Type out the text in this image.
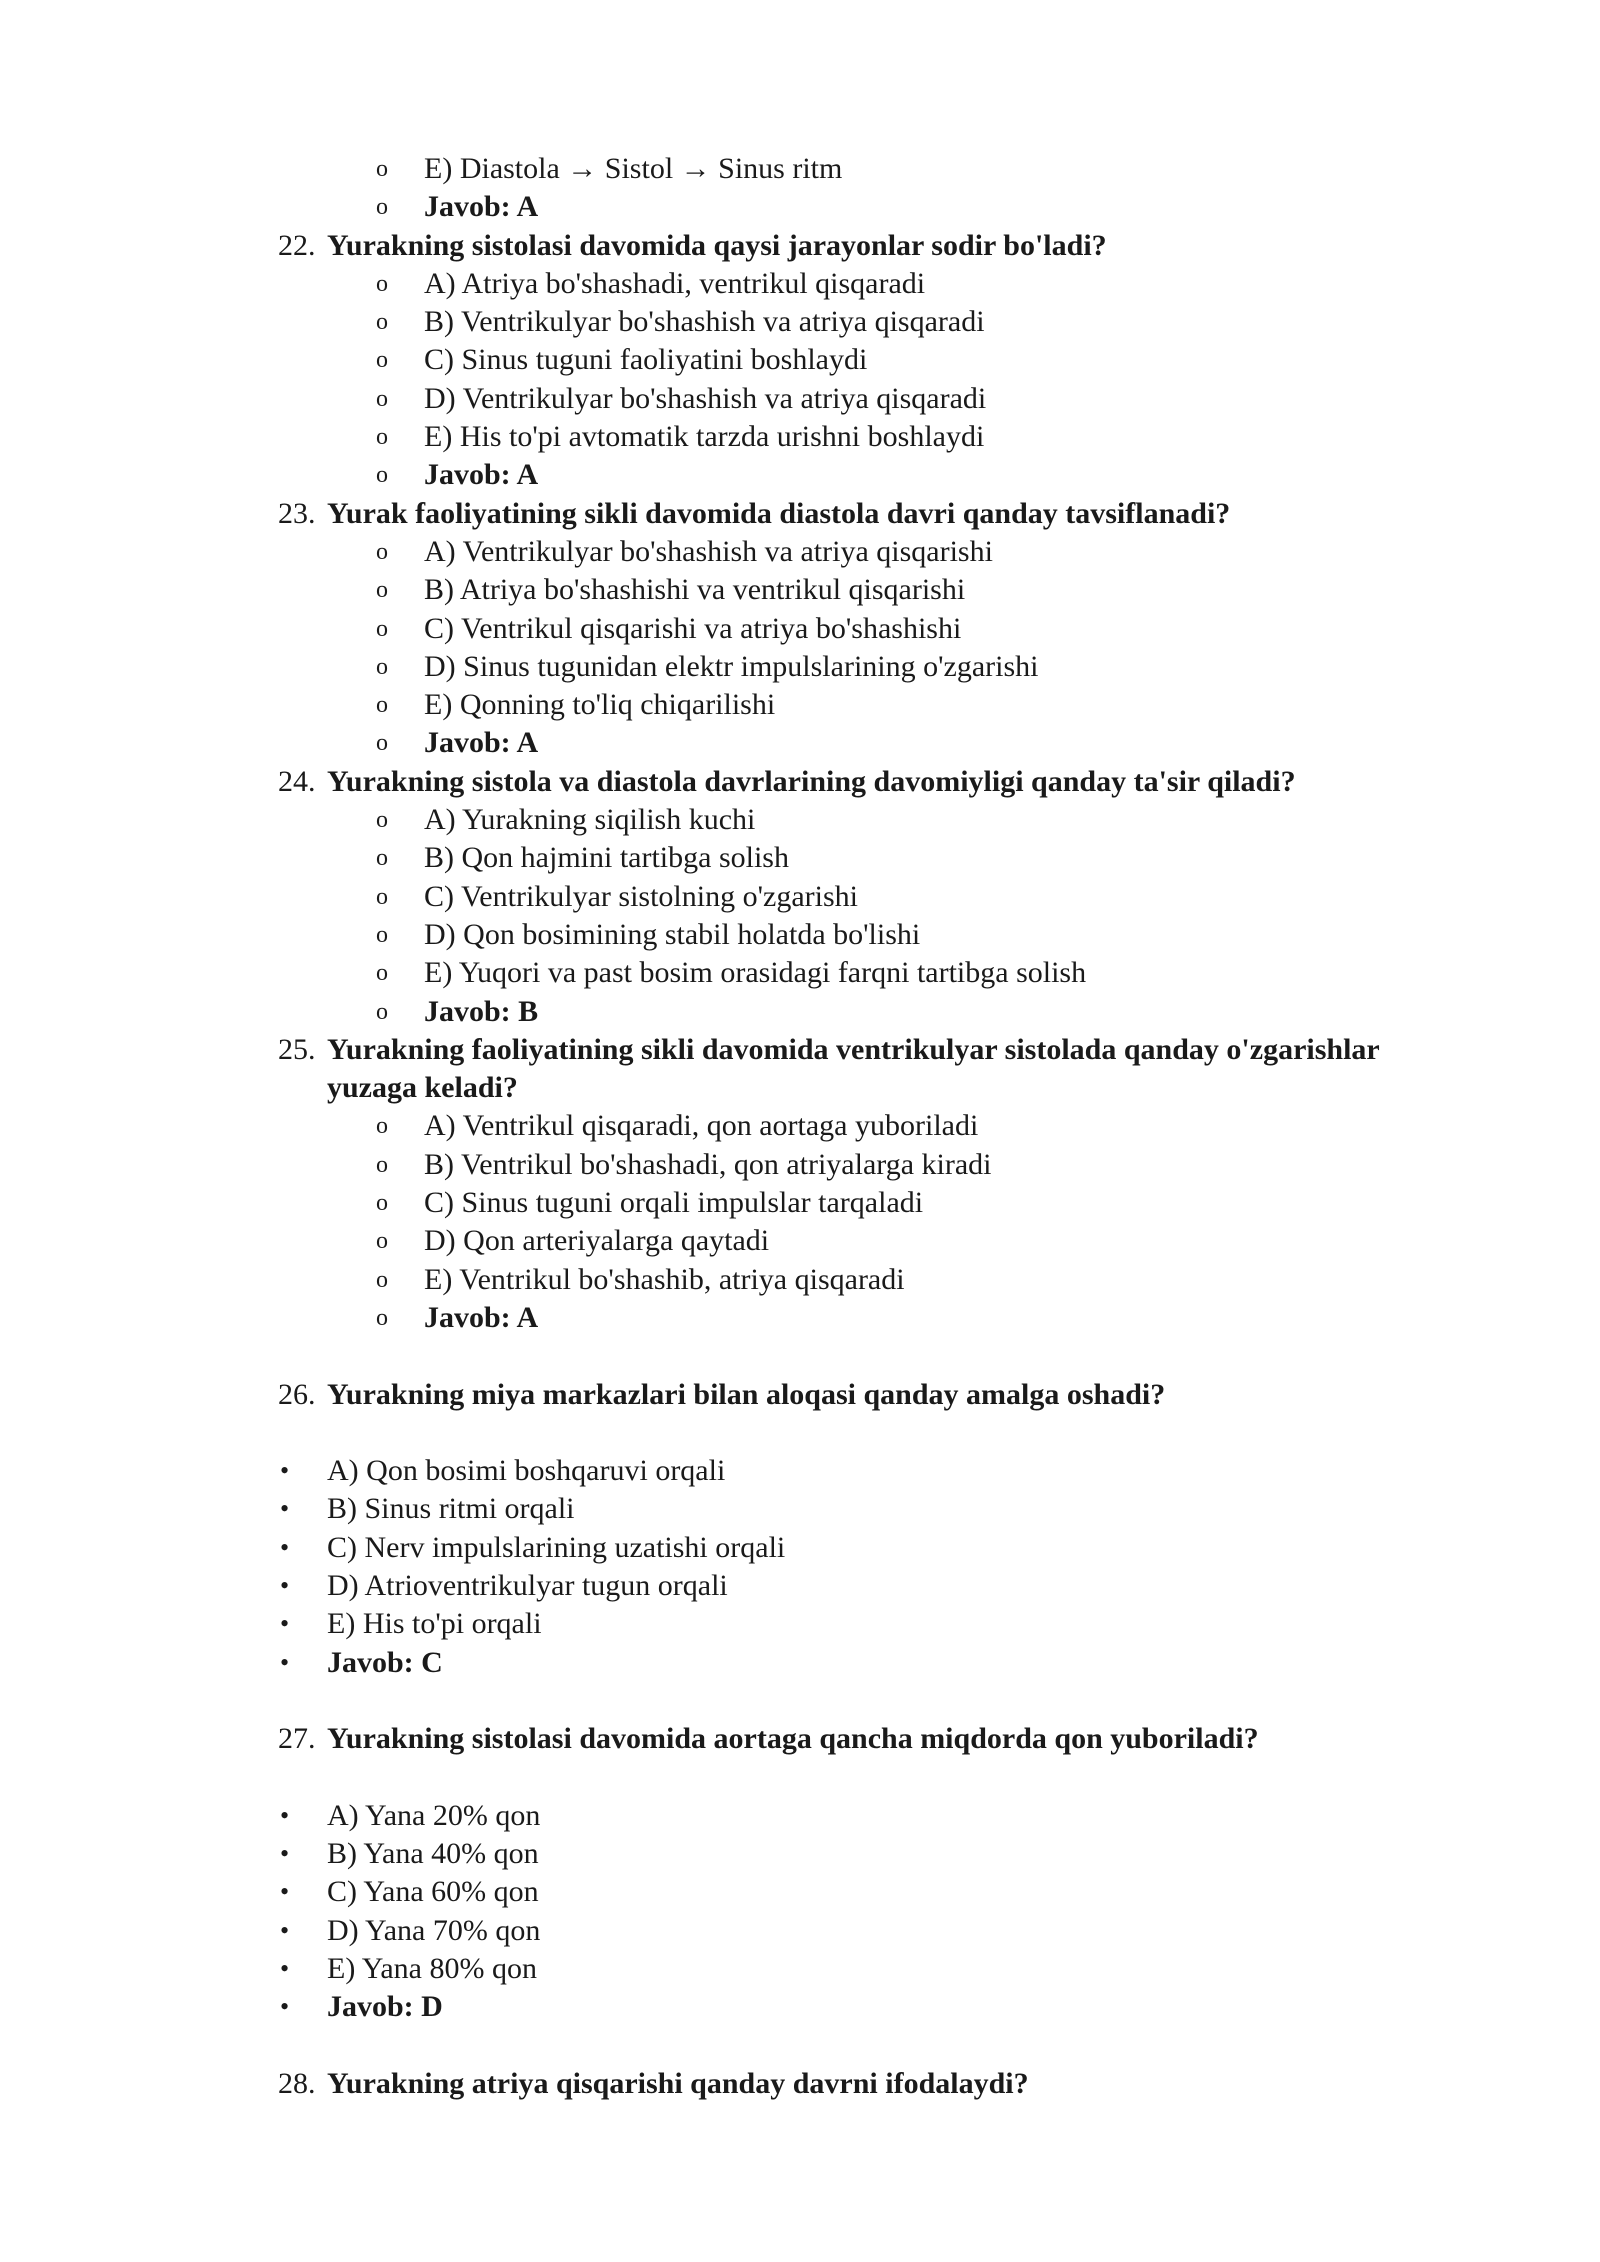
o E) Diastola → Sistol → Sinus ritm
o Javob: A
22. Yurakning sistolasi davomida qaysi jarayonlar sodir bo'ladi?
o A) Atriya bo'shashadi, ventrikul qisqaradi
o B) Ventrikulyar bo'shashish va atriya qisqaradi
o C) Sinus tuguni faoliyatini boshlaydi
o D) Ventrikulyar bo'shashish va atriya qisqaradi
o E) His to'pi avtomatik tarzda urishni boshlaydi
o Javob: A
23. Yurak faoliyatining sikli davomida diastola davri qanday tavsiflanadi?
o A) Ventrikulyar bo'shashish va atriya qisqarishi
o B) Atriya bo'shashishi va ventrikul qisqarishi
o C) Ventrikul qisqarishi va atriya bo'shashishi
o D) Sinus tugunidan elektr impulslarining o'zgarishi
o E) Qonning to'liq chiqarilishi
o Javob: A
24. Yurakning sistola va diastola davrlarining davomiyligi qanday ta'sir qiladi?
o A) Yurakning siqilish kuchi
o B) Qon hajmini tartibga solish
o C) Ventrikulyar sistolning o'zgarishi
o D) Qon bosimining stabil holatda bo'lishi
o E) Yuqori va past bosim orasidagi farqni tartibga solish
o Javob: B
25. Yurakning faoliyatining sikli davomida ventrikulyar sistolada qanday o'zgarishlar
yuzaga keladi?
o A) Ventrikul qisqaradi, qon aortaga yuboriladi
o B) Ventrikul bo'shashadi, qon atriyalarga kiradi
o C) Sinus tuguni orqali impulslar tarqaladi
o D) Qon arteriyalarga qaytadi
o E) Ventrikul bo'shashib, atriya qisqaradi
o Javob: A
26. Yurakning miya markazlari bilan aloqasi qanday amalga oshadi?
• A) Qon bosimi boshqaruvi orqali
• B) Sinus ritmi orqali
• C) Nerv impulslarining uzatishi orqali
• D) Atrioventrikulyar tugun orqali
• E) His to'pi orqali
• Javob: C
27. Yurakning sistolasi davomida aortaga qancha miqdorda qon yuboriladi?
• A) Yana 20% qon
• B) Yana 40% qon
• C) Yana 60% qon
• D) Yana 70% qon
• E) Yana 80% qon
• Javob: D
28. Yurakning atriya qisqarishi qanday davrni ifodalaydi?
